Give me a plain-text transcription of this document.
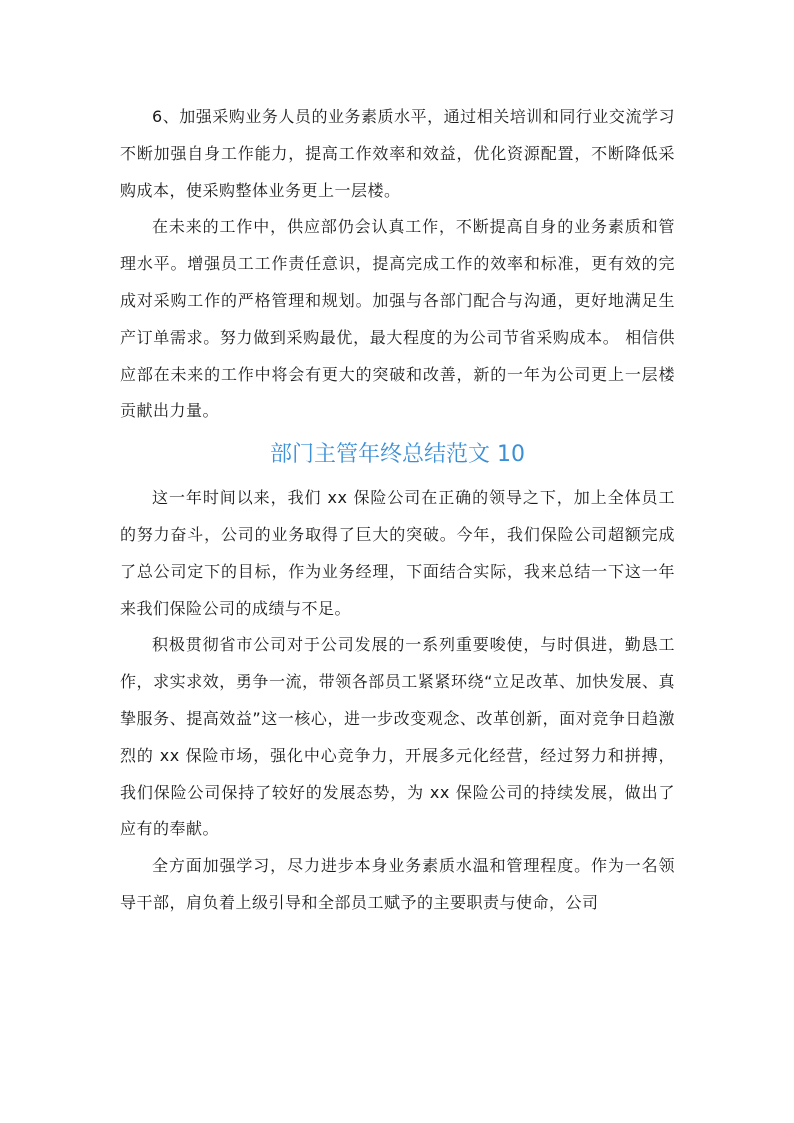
6、加强采购业务人员的业务素质水平，通过相关培训和同行业交流学习不断加强自身工作能力，提高工作效率和效益，优化资源配置，不断降低采购成本，使采购整体业务更上一层楼。

在未来的工作中，供应部仍会认真工作，不断提高自身的业务素质和管理水平。增强员工工作责任意识，提高完成工作的效率和标准，更有效的完成对采购工作的严格管理和规划。加强与各部门配合与沟通，更好地满足生产订单需求。努力做到采购最优，最大程度的为公司节省采购成本。 相信供应部在未来的工作中将会有更大的突破和改善，新的一年为公司更上一层楼贡献出力量。

部门主管年终总结范文 10

这一年时间以来，我们 xx 保险公司在正确的领导之下，加上全体员工的努力奋斗，公司的业务取得了巨大的突破。今年，我们保险公司超额完成了总公司定下的目标，作为业务经理，下面结合实际，我来总结一下这一年来我们保险公司的成绩与不足。

积极贯彻省市公司对于公司发展的一系列重要唆使，与时俱进，勤恳工作，求实求效，勇争一流，带领各部员工紧紧环绕“立足改革、加快发展、真挚服务、提高效益”这一核心，进一步改变观念、改革创新，面对竞争日趋激烈的 xx 保险市场，强化中心竞争力，开展多元化经营，经过努力和拼搏，我们保险公司保持了较好的发展态势，为 xx 保险公司的持续发展，做出了应有的奉献。

全方面加强学习，尽力进步本身业务素质水温和管理程度。作为一名领导干部，肩负着上级引导和全部员工赋予的主要职责与使命，公司
